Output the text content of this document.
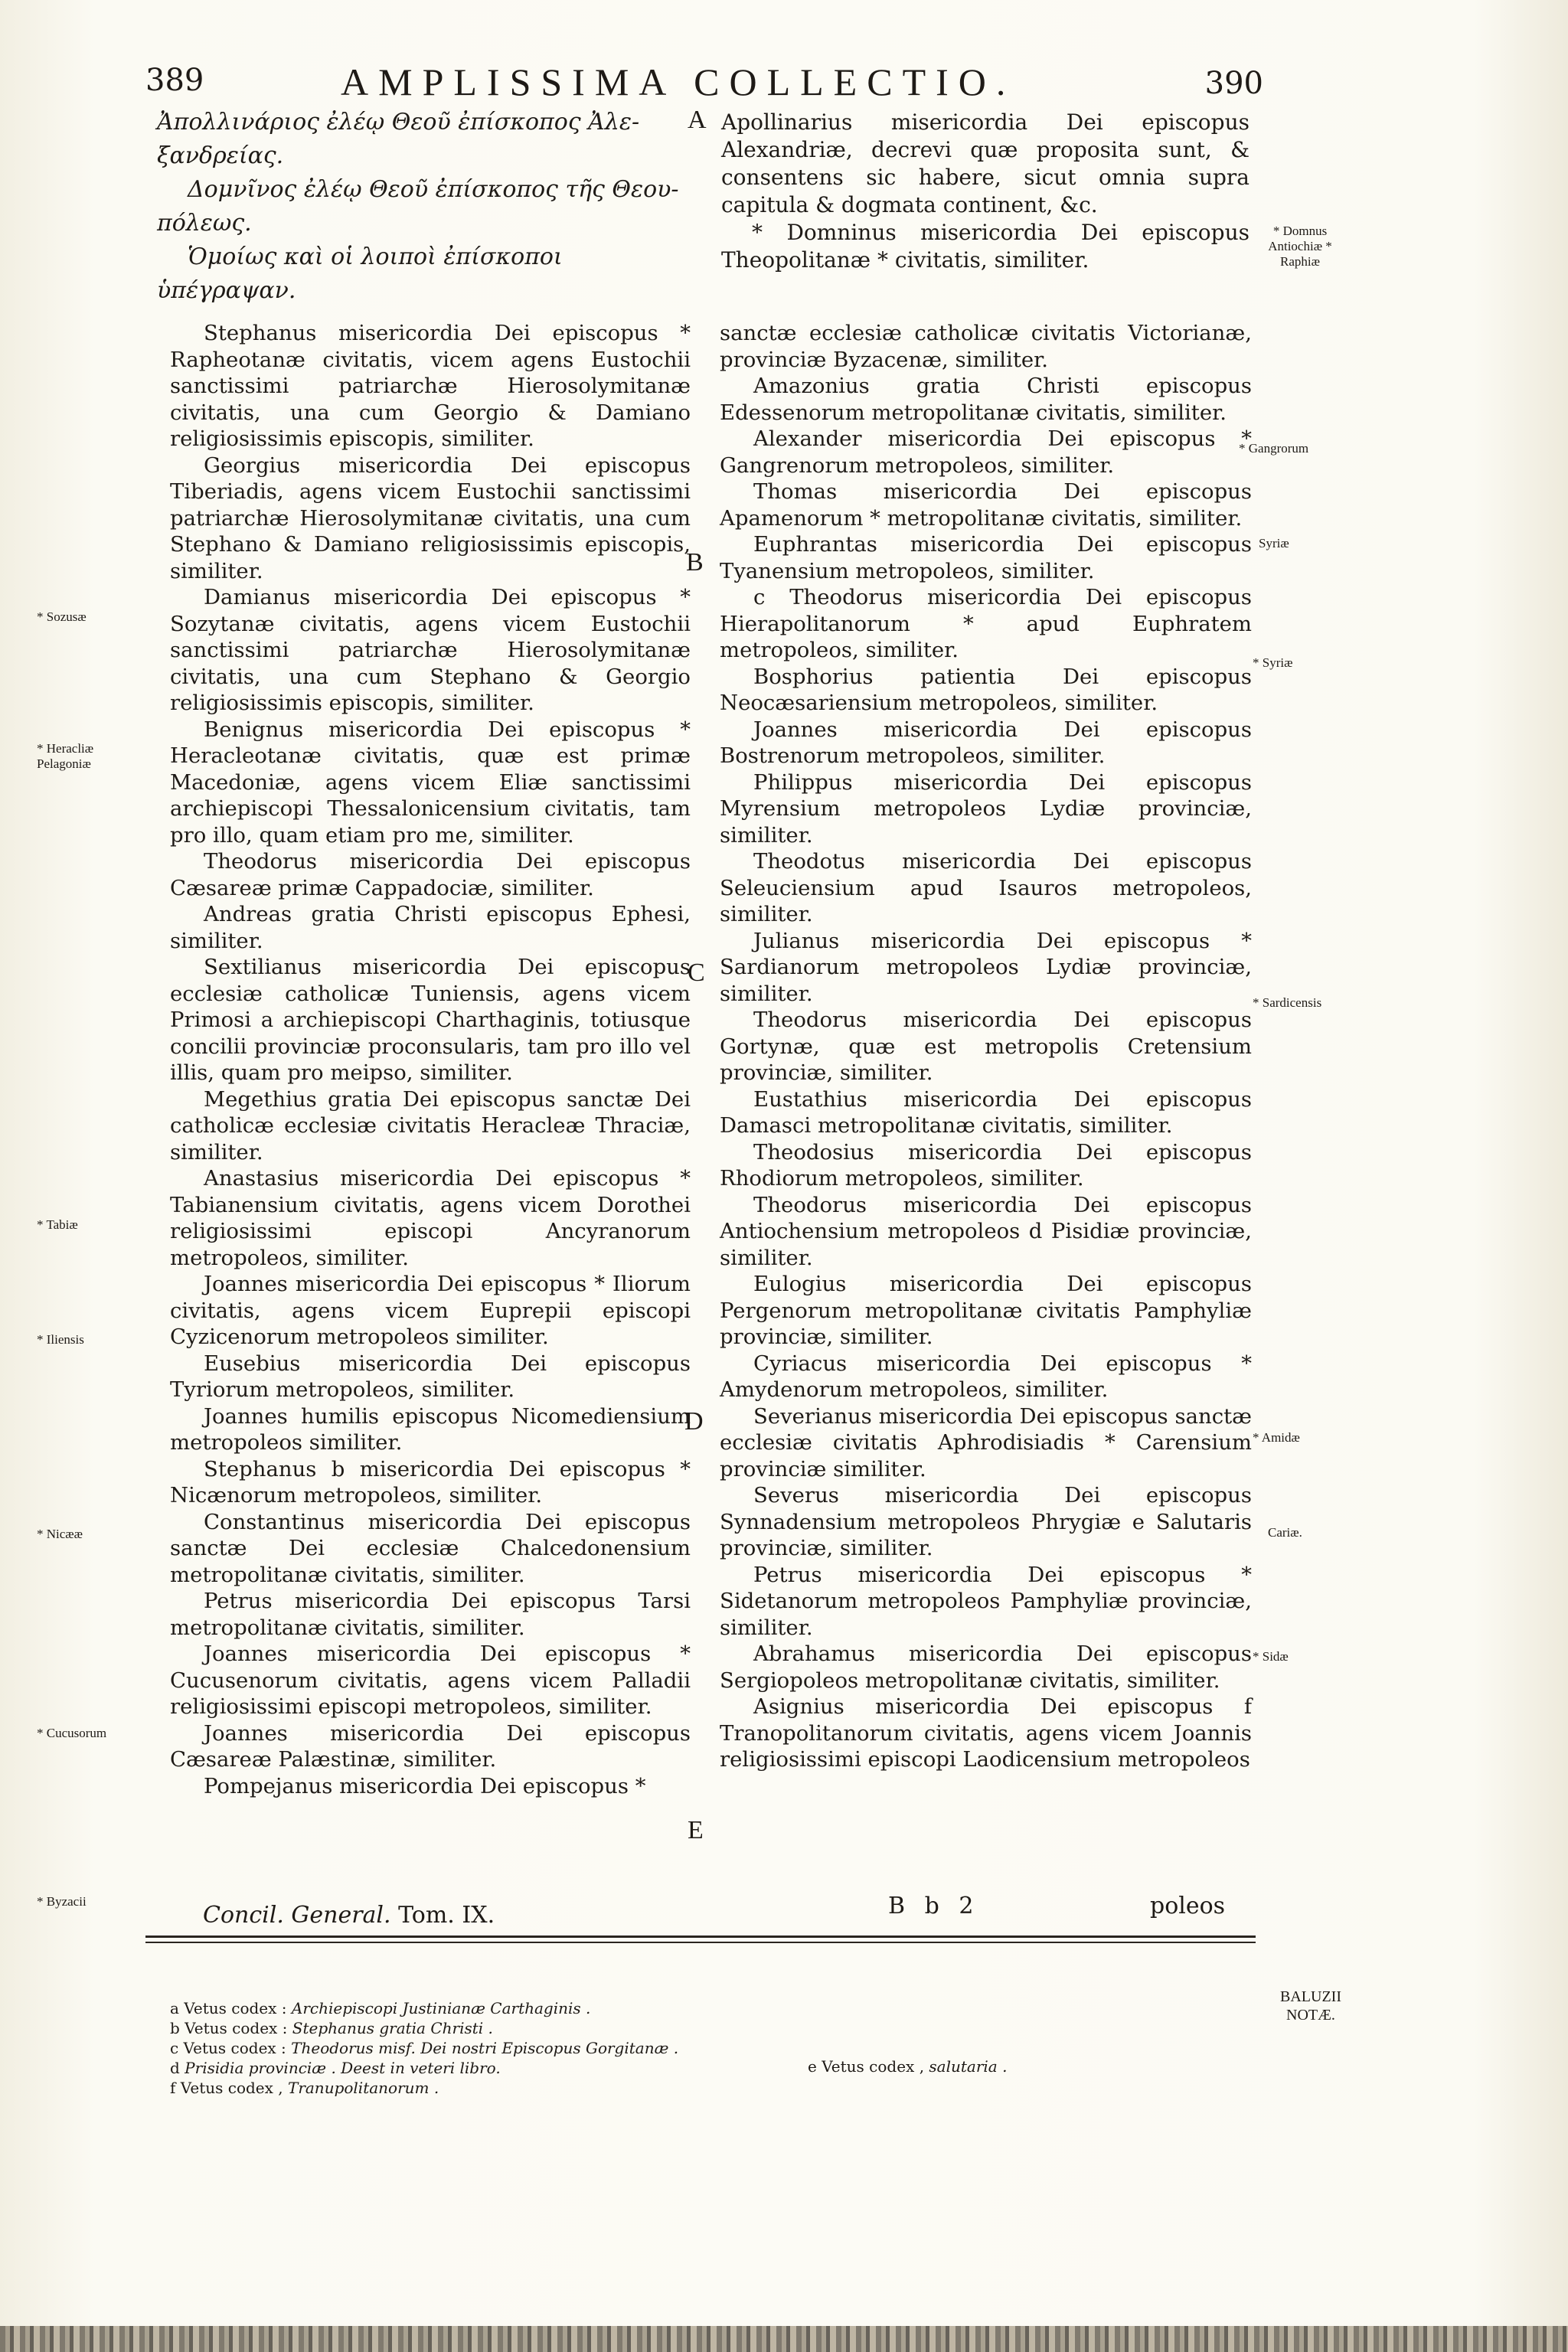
389	AMPLISSIMA COLLECTIO.	390

Ἀπολλινάριος ἐλέῳ Θεοῦ ἐπίσκοπος Ἀλε-

ξανδρείας.

Δομνῖνος ἐλέῳ Θεοῦ ἐπίσκοπος τῆς Θεου-

πόλεως.

Ὁμοίως καὶ οἱ λοιποὶ ἐπίσκοποι ὑπέγραψαν.

Apollinarius misericordia Dei episcopus Alexandriæ, decrevi quæ proposita sunt, & consentens sic habere, sicut omnia supra capitula & dogmata continent, &c.

* Domninus misericordia Dei episcopus Theopolitanæ * civitatis, similiter.

A
B
C
D
E

Stephanus misericordia Dei episcopus * Rapheotanæ civitatis, vicem agens Eustochii sanctissimi patriarchæ Hierosolymitanæ civitatis, una cum Georgio & Damiano religiosissimis episcopis, similiter.

Georgius misericordia Dei episcopus Tiberiadis, agens vicem Eustochii sanctissimi patriarchæ Hierosolymitanæ civitatis, una cum Stephano & Damiano religiosissimis episcopis, similiter.

Damianus misericordia Dei episcopus * Sozytanæ civitatis, agens vicem Eustochii sanctissimi patriarchæ Hierosolymitanæ civitatis, una cum Stephano & Georgio religiosissimis episcopis, similiter.

Benignus misericordia Dei episcopus * Heracleotanæ civitatis, quæ est primæ Macedoniæ, agens vicem Eliæ sanctissimi archiepiscopi Thessalonicensium civitatis, tam pro illo, quam etiam pro me, similiter.

Theodorus misericordia Dei episcopus Cæsareæ primæ Cappadociæ, similiter.

Andreas gratia Christi episcopus Ephesi, similiter.

Sextilianus misericordia Dei episcopus ecclesiæ catholicæ Tuniensis, agens vicem Primosi a archiepiscopi Charthaginis, totiusque concilii provinciæ proconsularis, tam pro illo vel illis, quam pro meipso, similiter.

Megethius gratia Dei episcopus sanctæ Dei catholicæ ecclesiæ civitatis Heracleæ Thraciæ, similiter.

Anastasius misericordia Dei episcopus * Tabianensium civitatis, agens vicem Dorothei religiosissimi episcopi Ancyranorum metropoleos, similiter.

Joannes misericordia Dei episcopus * Iliorum civitatis, agens vicem Euprepii episcopi Cyzicenorum metropoleos similiter.

Eusebius misericordia Dei episcopus Tyriorum metropoleos, similiter.

Joannes humilis episcopus Nicomediensium metropoleos similiter.

Stephanus b misericordia Dei episcopus * Nicænorum metropoleos, similiter.

Constantinus misericordia Dei episcopus sanctæ Dei ecclesiæ Chalcedonensium metropolitanæ civitatis, similiter.

Petrus misericordia Dei episcopus Tarsi metropolitanæ civitatis, similiter.

Joannes misericordia Dei episcopus * Cucusenorum civitatis, agens vicem Palladii religiosissimi episcopi metropoleos, similiter.

Joannes misericordia Dei episcopus Cæsareæ Palæstinæ, similiter.

Pompejanus misericordia Dei episcopus *

sanctæ ecclesiæ catholicæ civitatis Victorianæ, provinciæ Byzacenæ, similiter.

Amazonius gratia Christi episcopus Edessenorum metropolitanæ civitatis, similiter.

Alexander misericordia Dei episcopus * Gangrenorum metropoleos, similiter.

Thomas misericordia Dei episcopus Apamenorum * metropolitanæ civitatis, similiter.

Euphrantas misericordia Dei episcopus Tyanensium metropoleos, similiter.

c Theodorus misericordia Dei episcopus Hierapolitanorum * apud Euphratem metropoleos, similiter.

Bosphorius patientia Dei episcopus Neocæsariensium metropoleos, similiter.

Joannes misericordia Dei episcopus Bostrenorum metropoleos, similiter.

Philippus misericordia Dei episcopus Myrensium metropoleos Lydiæ provinciæ, similiter.

Theodotus misericordia Dei episcopus Seleuciensium apud Isauros metropoleos, similiter.

Julianus misericordia Dei episcopus * Sardianorum metropoleos Lydiæ provinciæ, similiter.

Theodorus misericordia Dei episcopus Gortynæ, quæ est metropolis Cretensium provinciæ, similiter.

Eustathius misericordia Dei episcopus Damasci metropolitanæ civitatis, similiter.

Theodosius misericordia Dei episcopus Rhodiorum metropoleos, similiter.

Theodorus misericordia Dei episcopus Antiochensium metropoleos d Pisidiæ provinciæ, similiter.

Eulogius misericordia Dei episcopus Pergenorum metropolitanæ civitatis Pamphyliæ provinciæ, similiter.

Cyriacus misericordia Dei episcopus * Amydenorum metropoleos, similiter.

Severianus misericordia Dei episcopus sanctæ ecclesiæ civitatis Aphrodisiadis * Carensium provinciæ similiter.

Severus misericordia Dei episcopus Synnadensium metropoleos Phrygiæ e Salutaris provinciæ, similiter.

Petrus misericordia Dei episcopus * Sidetanorum metropoleos Pamphyliæ provinciæ, similiter.

Abrahamus misericordia Dei episcopus Sergiopoleos metropolitanæ civitatis, similiter.

Asignius misericordia Dei episcopus f Tranopolitanorum civitatis, agens vicem Joannis religiosissimi episcopi Laodicensium metropoleos

* Sozusæ
* Heracliæ Pelagoniæ
* Tabiæ
* Iliensis
* Nicææ
* Cucusorum
* Byzacii
* Domnus Antiochiæ * Raphiæ
* Gangrorum
Syriæ
* Syriæ
* Sardicensis
* Amidæ
Cariæ.
* Sidæ
Concil. General. Tom. IX.	B b 2	poleos
a Vetus codex : Archiepiscopi Justinianæ Carthaginis .
b Vetus codex : Stephanus gratia Christi .
c Vetus codex : Theodorus misf. Dei nostri Episcopus Gorgitanæ .
d Prisidia provinciæ . Deest in veteri libro.
f Vetus codex , Tranupolitanorum .
e Vetus codex , salutaria .
BALUZII NOTÆ.
